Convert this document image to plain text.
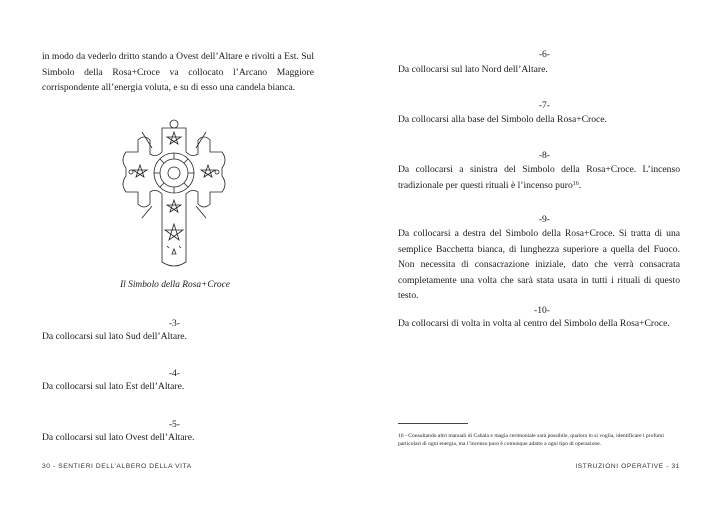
in modo da vederlo dritto stando a Ovest dell’Altare e rivolti a Est. Sul Simbolo della Rosa+Croce va collocato l’Arcano Maggiore corrispondente all’energia voluta, e su di esso una candela bianca.

Il Simbolo della Rosa+Croce
-3-

Da collocarsi sul lato Sud dell’Altare.

-4-

Da collocarsi sul lato Est dell’Altare.

-5-

Da collocarsi sul lato Ovest dell’Altare.

30 - SENTIERI DELL’ALBERO DELLA VITA
-6-

Da collocarsi sul lato Nord dell’Altare.

-7-

Da collocarsi alla base del Simbolo della Rosa+Croce.

-8-

Da collocarsi a sinistra del Simbolo della Rosa+Croce. L’incenso tradizionale per questi rituali è l’incenso puro$^{16}$.

-9-

Da collocarsi a destra del Simbolo della Rosa+Croce. Si tratta di una semplice Bacchetta bianca, di lunghezza superiore a quella del Fuoco. Non necessita di consacrazione iniziale, dato che verrà consacrata completamente una volta che sarà stata usata in tutti i rituali di questo testo.

-10-

Da collocarsi di volta in volta al centro del Simbolo della Rosa+Croce.

16 - Consultando altri manuali di Cabala e magia cerimoniale sarà possibile, qualora lo si voglia, identificare i profumi particolari di ogni energia, ma l’incenso puro è comunque adatto a ogni tipo di operazione.
ISTRUZIONI OPERATIVE - 31
